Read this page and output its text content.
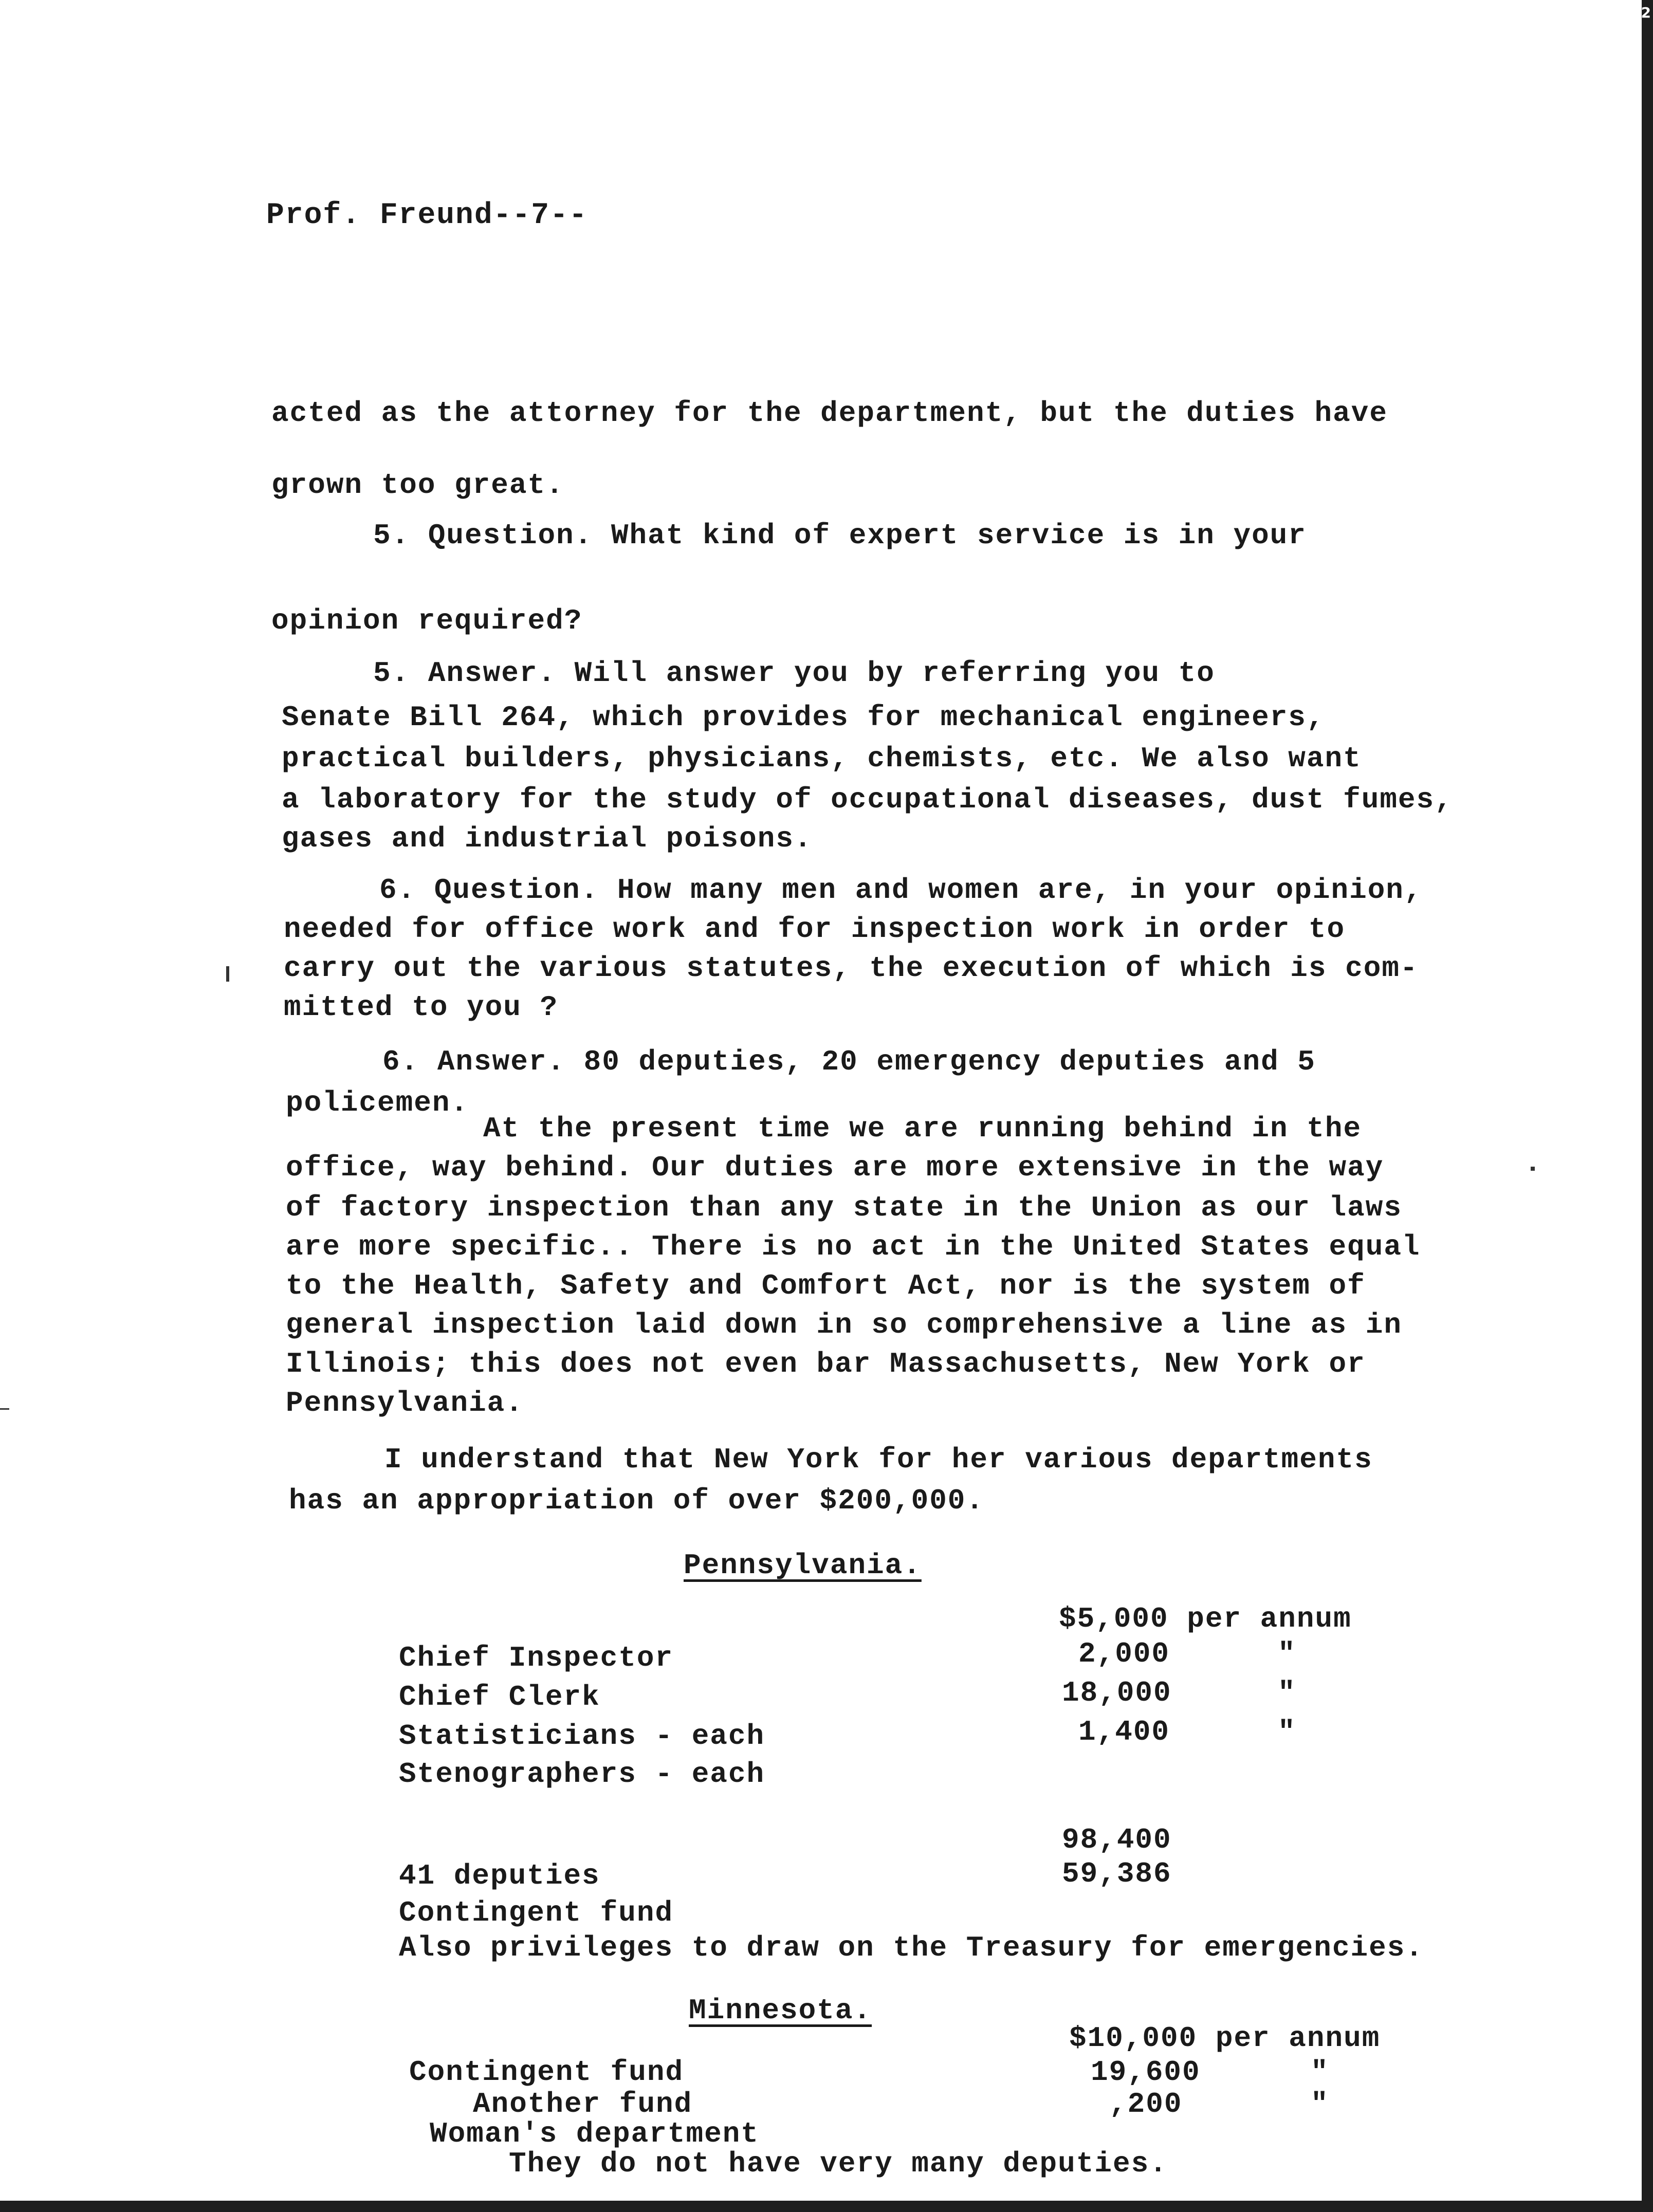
2
Prof. Freund--7--
acted as the attorney for the department, but the duties have
grown too great.
5. Question. What kind of expert service is in your
opinion required?
5. Answer. Will answer you by referring you to
Senate Bill 264, which provides for mechanical engineers,
practical builders, physicians, chemists, etc. We also want
a laboratory for the study of occupational diseases, dust fumes,
gases and industrial poisons.
6. Question. How many men and women are, in your opinion,
needed for office work and for inspection work in order to
carry out the various statutes, the execution of which is com-
mitted to you ?
6. Answer. 80 deputies, 20 emergency deputies and 5
policemen.
At the present time we are running behind in the
office, way behind. Our duties are more extensive in the way
of factory inspection than any state in the Union as our laws
are more specific.. There is no act in the United States equal
to the Health, Safety and Comfort Act, nor is the system of
general inspection laid down in so comprehensive a line as in
Illinois; this does not even bar Massachusetts, New York or
Pennsylvania.
I understand that New York for her various departments
has an appropriation of over $200,000.
Pennsylvania.
$5,000 per annum
Chief Inspector	2,000	"
Chief Clerk	18,000	"
Statisticians - each	1,400	"
Stenographers - each
98,400
41 deputies	59,386
Contingent fund
Also privileges to draw on the Treasury for emergencies.
Minnesota.
$10,000 per annum
Contingent fund	19,600	"
Another fund	,200	"
Woman's department
They do not have very many deputies.
